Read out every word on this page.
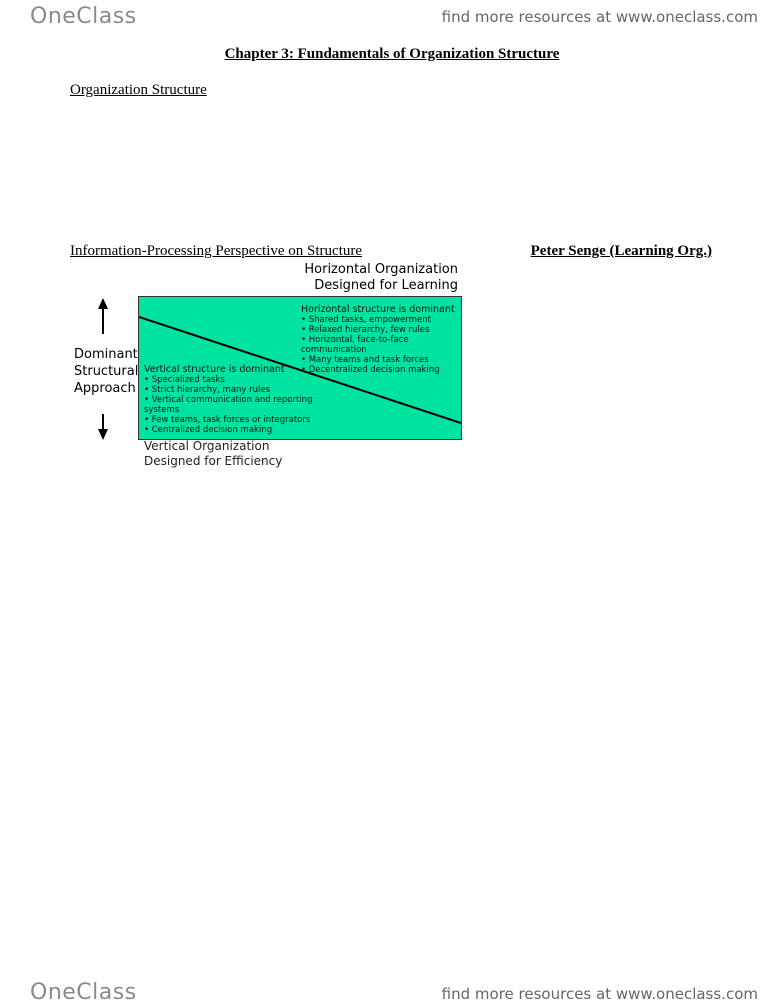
OneClass	find more resources at www.oneclass.com
Chapter 3: Fundamentals of Organization Structure
Organization Structure
Information-Processing Perspective on Structure	Peter Senge (Learning Org.)
Horizontal Organization
Designed for Learning
Dominant
Structural
Approach
Horizontal structure is dominant
• Shared tasks, empowerment
• Relaxed hierarchy, few rules
• Horizontal, face-to-face
communication
• Many teams and task forces
• Decentralized decision making
Vertical structure is dominant
• Specialized tasks
• Strict hierarchy, many rules
• Vertical communication and reporting
systems
• Few teams, task forces or integrators
• Centralized decision making
Vertical Organization
Designed for Efficiency
OneClass	find more resources at www.oneclass.com
